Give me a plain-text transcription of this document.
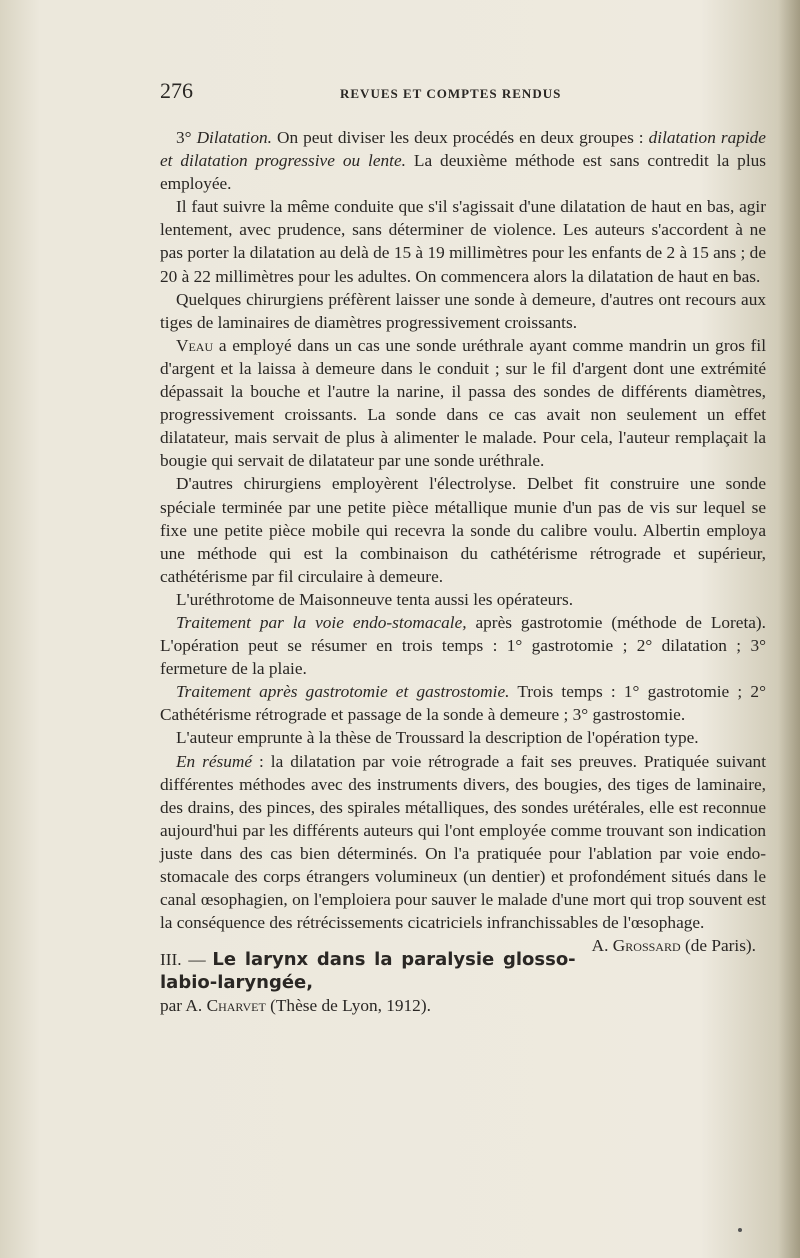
276	REVUES ET COMPTES RENDUS

3° Dilatation. On peut diviser les deux procédés en deux groupes : dilatation rapide et dilatation progressive ou lente. La deuxième méthode est sans contredit la plus employée.

Il faut suivre la même conduite que s'il s'agissait d'une dilatation de haut en bas, agir lentement, avec prudence, sans déterminer de violence. Les auteurs s'accordent à ne pas porter la dilatation au delà de 15 à 19 millimètres pour les enfants de 2 à 15 ans ; de 20 à 22 millimètres pour les adultes. On commencera alors la dilatation de haut en bas.

Quelques chirurgiens préfèrent laisser une sonde à demeure, d'autres ont recours aux tiges de laminaires de diamètres progressivement croissants.

Veau a employé dans un cas une sonde uréthrale ayant comme mandrin un gros fil d'argent et la laissa à demeure dans le conduit ; sur le fil d'argent dont une extrémité dépassait la bouche et l'autre la narine, il passa des sondes de différents diamètres, progressivement croissants. La sonde dans ce cas avait non seulement un effet dilatateur, mais servait de plus à alimenter le malade. Pour cela, l'auteur remplaçait la bougie qui servait de dilatateur par une sonde uréthrale.

D'autres chirurgiens employèrent l'électrolyse. Delbet fit construire une sonde spéciale terminée par une petite pièce métallique munie d'un pas de vis sur lequel se fixe une petite pièce mobile qui recevra la sonde du calibre voulu. Albertin employa une méthode qui est la combinaison du cathétérisme rétrograde et supérieur, cathétérisme par fil circulaire à demeure.

L'uréthrotome de Maisonneuve tenta aussi les opérateurs.

Traitement par la voie endo-stomacale, après gastrotomie (méthode de Loreta). L'opération peut se résumer en trois temps : 1° gastrotomie ; 2° dilatation ; 3° fermeture de la plaie.

Traitement après gastrotomie et gastrostomie. Trois temps : 1° gastrotomie ; 2° Cathétérisme rétrograde et passage de la sonde à demeure ; 3° gastrostomie.

L'auteur emprunte à la thèse de Troussard la description de l'opération type.

En résumé : la dilatation par voie rétrograde a fait ses preuves. Pratiquée suivant différentes méthodes avec des instruments divers, des bougies, des tiges de laminaire, des drains, des pinces, des spirales métalliques, des sondes urétérales, elle est reconnue aujourd'hui par les différents auteurs qui l'ont employée comme trouvant son indication juste dans des cas bien déterminés. On l'a pratiquée pour l'ablation par voie endo-stomacale des corps étrangers volumineux (un dentier) et profondément situés dans le canal œsophagien, on l'emploiera pour sauver le malade d'une mort qui trop souvent est la conséquence des rétrécissements cicatriciels infranchissables de l'œsophage.
A. Grossard (de Paris).

III. — Le larynx dans la paralysie glosso-labio-laryngée,
par A. Charvet (Thèse de Lyon, 1912).
